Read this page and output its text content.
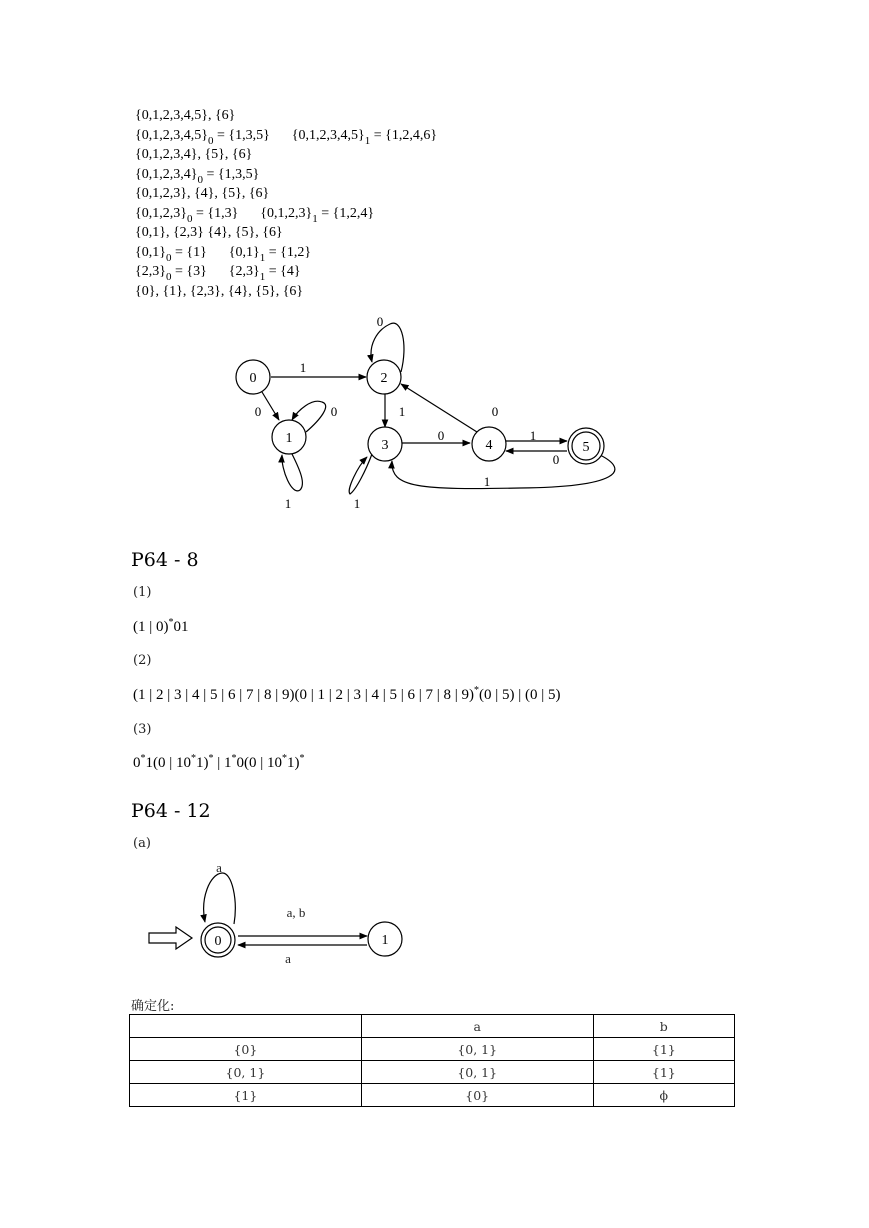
{0,1,2,3,4,5}, {6}
$\{0,1,2,3,4,5\}_0 = \{1,3,5\} \{0,1,2,3,4,5\}_1 = \{1,2,4,6\}$
{0,1,2,3,4}, {5}, {6}
$\{0,1,2,3,4\}_0 = \{1,3,5\}$
{0,1,2,3}, {4}, {5}, {6}
$\{0,1,2,3\}_0 = \{1,3\} \{0,1,2,3\}_1 = \{1,2,4\}$
{0,1}, {2,3} {4}, {5}, {6}
$\{0,1\}_0 = \{1\} \{0,1\}_1 = \{1,2\}$
$\{2,3\}_0 = \{3\} \{2,3\}_1 = \{4\}$
{0}, {1}, {2,3}, {4}, {5}, {6}
0
1
2
3	4	5
1
0	0
1
0
1	0
1
0	1
0
1
P64 - 8
(1)
(1 | 0)*01
(2)
(1 | 2 | 3 | 4 | 5 | 6 | 7 | 8 | 9)(0 | 1 | 2 | 3 | 4 | 5 | 6 | 7 | 8 | 9)*(0 | 5) | (0 | 5)
(3)
0*1(0 | 10*1)* | 1*0(0 | 10*1)*
P64 - 12
(a)
0	1
a
a, b
a
确定化:
	a	b
{0}	{0, 1}	{1}
{0, 1}	{0, 1}	{1}
{1}	{0}	ϕ
